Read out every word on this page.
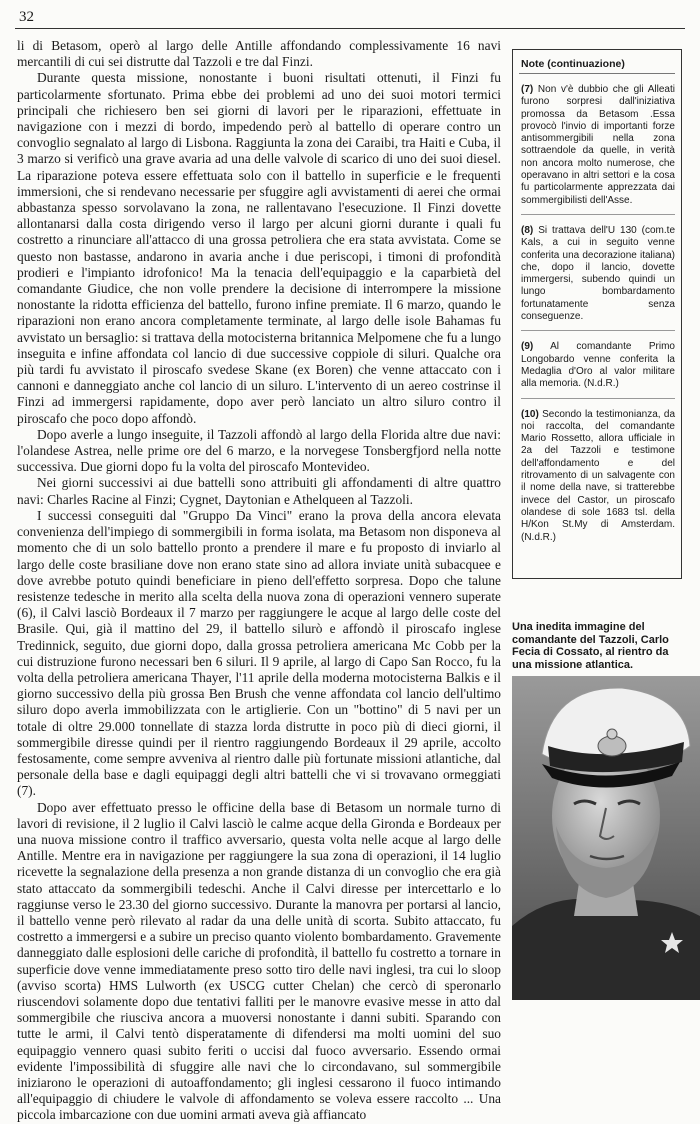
32

li di Betasom, operò al largo delle Antille affondando complessivamente 16 navi mercantili di cui sei distrutte dal Tazzoli e tre dal Finzi.

Durante questa missione, nonostante i buoni risultati ottenuti, il Finzi fu particolarmente sfortunato. Prima ebbe dei problemi ad uno dei suoi motori termici principali che richiesero ben sei giorni di lavori per le riparazioni, effettuate in navigazione con i mezzi di bordo, impedendo però al battello di operare contro un convoglio segnalato al largo di Lisbona. Raggiunta la zona dei Caraibi, tra Haiti e Cuba, il 3 marzo si verificò una grave avaria ad una delle valvole di scarico di uno dei suoi diesel. La riparazione poteva essere effettuata solo con il battello in superficie e le frequenti immersioni, che si rendevano necessarie per sfuggire agli avvistamenti di aerei che ormai abbastanza spesso sorvolavano la zona, ne rallentavano l'esecuzione. Il Finzi dovette allontanarsi dalla costa dirigendo verso il largo per alcuni giorni durante i quali fu costretto a rinunciare all'attacco di una grossa petroliera che era stata avvistata. Come se questo non bastasse, andarono in avaria anche i due periscopi, i timoni di profondità prodieri e l'impianto idrofonico! Ma la tenacia dell'equipaggio e la caparbietà del comandante Giudice, che non volle prendere la decisione di interrompere la missione nonostante la ridotta efficienza del battello, furono infine premiate. Il 6 marzo, quando le riparazioni non erano ancora completamente terminate, al largo delle isole Bahamas fu avvistato un bersaglio: si trattava della motocisterna britannica Melpomene che fu a lungo inseguita e infine affondata col lancio di due successive coppiole di siluri. Qualche ora più tardi fu avvistato il piroscafo svedese Skane (ex Boren) che venne attaccato con i cannoni e danneggiato anche col lancio di un siluro. L'intervento di un aereo costrinse il Finzi ad immergersi rapidamente, dopo aver però lanciato un altro siluro contro il piroscafo che poco dopo affondò.

Dopo averle a lungo inseguite, il Tazzoli affondò al largo della Florida altre due navi: l'olandese Astrea, nelle prime ore del 6 marzo, e la norvegese Tonsbergfjord nella notte successiva. Due giorni dopo fu la volta del piroscafo Montevideo.

Nei giorni successivi ai due battelli sono attribuiti gli affondamenti di altre quattro navi: Charles Racine al Finzi; Cygnet, Daytonian e Athelqueen al Tazzoli.

I successi conseguiti dal "Gruppo Da Vinci" erano la prova della ancora elevata convenienza dell'impiego di sommergibili in forma isolata, ma Betasom non disponeva al momento che di un solo battello pronto a prendere il mare e fu proposto di inviarlo al largo delle coste brasiliane dove non erano state sino ad allora inviate unità subacquee e dove avrebbe potuto quindi beneficiare in pieno dell'effetto sorpresa. Dopo che talune resistenze tedesche in merito alla scelta della nuova zona di operazioni vennero superate (6), il Calvi lasciò Bordeaux il 7 marzo per raggiungere le acque al largo delle coste del Brasile. Qui, già il mattino del 29, il battello silurò e affondò il piroscafo inglese Tredinnick, seguito, due giorni dopo, dalla grossa petroliera americana Mc Cobb per la cui distruzione furono necessari ben 6 siluri. Il 9 aprile, al largo di Capo San Rocco, fu la volta della petroliera americana Thayer, l'11 aprile della moderna motocisterna Balkis e il giorno successivo della più grossa Ben Brush che venne affondata col lancio dell'ultimo siluro dopo averla immobilizzata con le artiglierie. Con un "bottino" di 5 navi per un totale di oltre 29.000 tonnellate di stazza lorda distrutte in poco più di dieci giorni, il sommergibile diresse quindi per il rientro raggiungendo Bordeaux il 29 aprile, accolto festosamente, come sempre avveniva al rientro dalle più fortunate missioni atlantiche, dal personale della base e dagli equipaggi degli altri battelli che vi si trovavano ormeggiati (7).

Dopo aver effettuato presso le officine della base di Betasom un normale turno di lavori di revisione, il 2 luglio il Calvi lasciò le calme acque della Gironda e Bordeaux per una nuova missione contro il traffico avversario, questa volta nelle acque al largo delle Antille. Mentre era in navigazione per raggiungere la sua zona di operazioni, il 14 luglio ricevette la segnalazione della presenza a non grande distanza di un convoglio che era già stato attaccato da sommergibili tedeschi. Anche il Calvi diresse per intercettarlo e lo raggiunse verso le 23.30 del giorno successivo. Durante la manovra per portarsi al lancio, il battello venne però rilevato al radar da una delle unità di scorta. Subito attaccato, fu costretto a immergersi e a subire un preciso quanto violento bombardamento. Gravemente danneggiato dalle esplosioni delle cariche di profondità, il battello fu costretto a tornare in superficie dove venne immediatamente preso sotto tiro delle navi inglesi, tra cui lo sloop (avviso scorta) HMS Lulworth (ex USCG cutter Chelan) che cercò di speronarlo riuscendovi solamente dopo due tentativi falliti per le manovre evasive messe in atto dal sommergibile che riusciva ancora a muoversi nonostante i danni subiti. Sparando con tutte le armi, il Calvi tentò disperatamente di difendersi ma molti uomini del suo equipaggio vennero quasi subito feriti o uccisi dal fuoco avversario. Essendo ormai evidente l'impossibilità di sfuggire alle navi che lo circondavano, sul sommergibile iniziarono le operazioni di autoaffondamento; gli inglesi cessarono il fuoco intimando all'equipaggio di chiudere le valvole di affondamento se voleva essere raccolto ... Una piccola imbarcazione con due uomini armati aveva già affiancato

Note (continuazione)
(7) Non v'è dubbio che gli Alleati furono sorpresi dall'iniziativa promossa da Betasom .Essa provocò l'invio di importanti forze antisommergibili nella zona sottraendole da quelle, in verità non ancora molto numerose, che operavano in altri settori e la cosa fu particolarmente apprezzata dai sommergibilisti dell'Asse.
(8) Si trattava dell'U 130 (com.te Kals, a cui in seguito venne conferita una decorazione italiana) che, dopo il lancio, dovette immergersi, subendo quindi un lungo bombardamento fortunatamente senza conseguenze.
(9) Al comandante Primo Longobardo venne conferita la Medaglia d'Oro al valor militare alla memoria. (N.d.R.)
(10) Secondo la testimonianza, da noi raccolta, del comandante Mario Rossetto, allora ufficiale in 2a del Tazzoli e testimone dell'affondamento e del ritrovamento di un salvagente con il nome della nave, si tratterebbe invece del Castor, un piroscafo olandese di sole 1683 tsl. della H/Kon St.My di Amsterdam. (N.d.R.)
Una inedita immagine del comandante del Tazzoli, Carlo Fecia di Cossato, al rientro da una missione atlantica.
